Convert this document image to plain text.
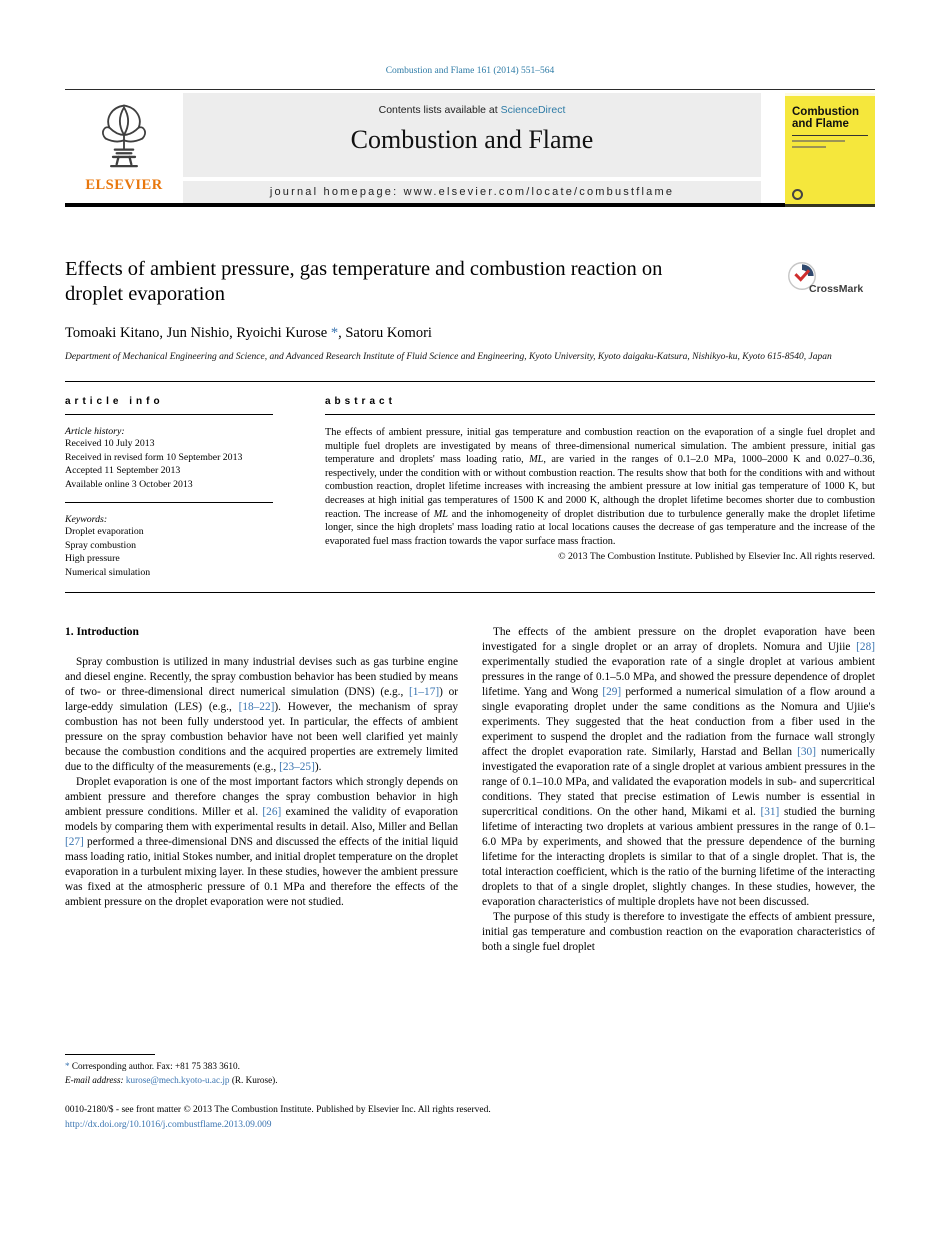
Combustion and Flame 161 (2014) 551–564
ELSEVIER
Contents lists available at ScienceDirect
Combustion and Flame
journal homepage: www.elsevier.com/locate/combustflame
Combustion and Flame
Effects of ambient pressure, gas temperature and combustion reaction on droplet evaporation	CrossMark
Tomoaki Kitano, Jun Nishio, Ryoichi Kurose *, Satoru Komori
Department of Mechanical Engineering and Science, and Advanced Research Institute of Fluid Science and Engineering, Kyoto University, Kyoto daigaku-Katsura, Nishikyo-ku, Kyoto 615-8540, Japan
article info
Article history:
Received 10 July 2013
Received in revised form 10 September 2013
Accepted 11 September 2013
Available online 3 October 2013
Keywords:
Droplet evaporation
Spray combustion
High pressure
Numerical simulation
abstract
The effects of ambient pressure, initial gas temperature and combustion reaction on the evaporation of a single fuel droplet and multiple fuel droplets are investigated by means of three-dimensional numerical simulation. The ambient pressure, initial gas temperature and droplets' mass loading ratio, ML, are varied in the ranges of 0.1–2.0 MPa, 1000–2000 K and 0.027–0.36, respectively, under the condition with or without combustion reaction. The results show that both for the conditions with and without combustion reaction, droplet lifetime increases with increasing the ambient pressure at low initial gas temperature of 1000 K, but decreases at high initial gas temperatures of 1500 K and 2000 K, although the droplet lifetime becomes shorter due to combustion reaction. The increase of ML and the inhomogeneity of droplet distribution due to turbulence generally make the droplet lifetime longer, since the high droplets' mass loading ratio at local locations causes the decrease of gas temperature and the increase of the evaporated fuel mass fraction towards the vapor surface mass fraction.
© 2013 The Combustion Institute. Published by Elsevier Inc. All rights reserved.
1. Introduction

Spray combustion is utilized in many industrial devises such as gas turbine engine and diesel engine. Recently, the spray combustion behavior has been studied by means of two- or three-dimensional direct numerical simulation (DNS) (e.g., [1–17]) or large-eddy simulation (LES) (e.g., [18–22]). However, the mechanism of spray combustion has not been fully understood yet. In particular, the effects of ambient pressure on the spray combustion behavior have not been well clarified yet mainly because the combustion conditions and the acquired properties are extremely limited due to the difficulty of the measurements (e.g., [23–25]).

Droplet evaporation is one of the most important factors which strongly depends on ambient pressure and therefore changes the spray combustion behavior in high ambient pressure conditions. Miller et al. [26] examined the validity of evaporation models by comparing them with experimental results in detail. Also, Miller and Bellan [27] performed a three-dimensional DNS and discussed the effects of the initial liquid mass loading ratio, initial Stokes number, and initial droplet temperature on the droplet evaporation in a turbulent mixing layer. In these studies, however the ambient pressure was fixed at the atmospheric pressure of 0.1 MPa and therefore the effects of the ambient pressure on the droplet evaporation were not studied.

* Corresponding author. Fax: +81 75 383 3610.
E-mail address: kurose@mech.kyoto-u.ac.jp (R. Kurose).

The effects of the ambient pressure on the droplet evaporation have been investigated for a single droplet or an array of droplets. Nomura and Ujiie [28] experimentally studied the evaporation rate of a single droplet at various ambient pressures in the range of 0.1–5.0 MPa, and showed the pressure dependence of droplet lifetime. Yang and Wong [29] performed a numerical simulation of a flow around a single evaporating droplet under the same conditions as the Nomura and Ujiie's experiments. They suggested that the heat conduction from a fiber used in the experiment to suspend the droplet and the radiation from the furnace wall strongly affect the droplet evaporation rate. Similarly, Harstad and Bellan [30] numerically investigated the evaporation rate of a single droplet at various ambient pressures in the range of 0.1–10.0 MPa, and validated the evaporation models in sub- and supercritical conditions. They stated that precise estimation of Lewis number is essential in supercritical conditions. On the other hand, Mikami et al. [31] studied the burning lifetime of interacting two droplets at various ambient pressures in the range of 0.1–6.0 MPa by experiments, and showed that the pressure dependence of the burning lifetime for the interacting droplets is similar to that of a single droplet. That is, the total interaction coefficient, which is the ratio of the burning lifetime of the interacting droplets to that of a single droplet, slightly changes. In these studies, however, the evaporation characteristics of multiple droplets have not been discussed.

The purpose of this study is therefore to investigate the effects of ambient pressure, initial gas temperature and combustion reaction on the evaporation characteristics of both a single fuel droplet

0010-2180/$ - see front matter © 2013 The Combustion Institute. Published by Elsevier Inc. All rights reserved.
http://dx.doi.org/10.1016/j.combustflame.2013.09.009
